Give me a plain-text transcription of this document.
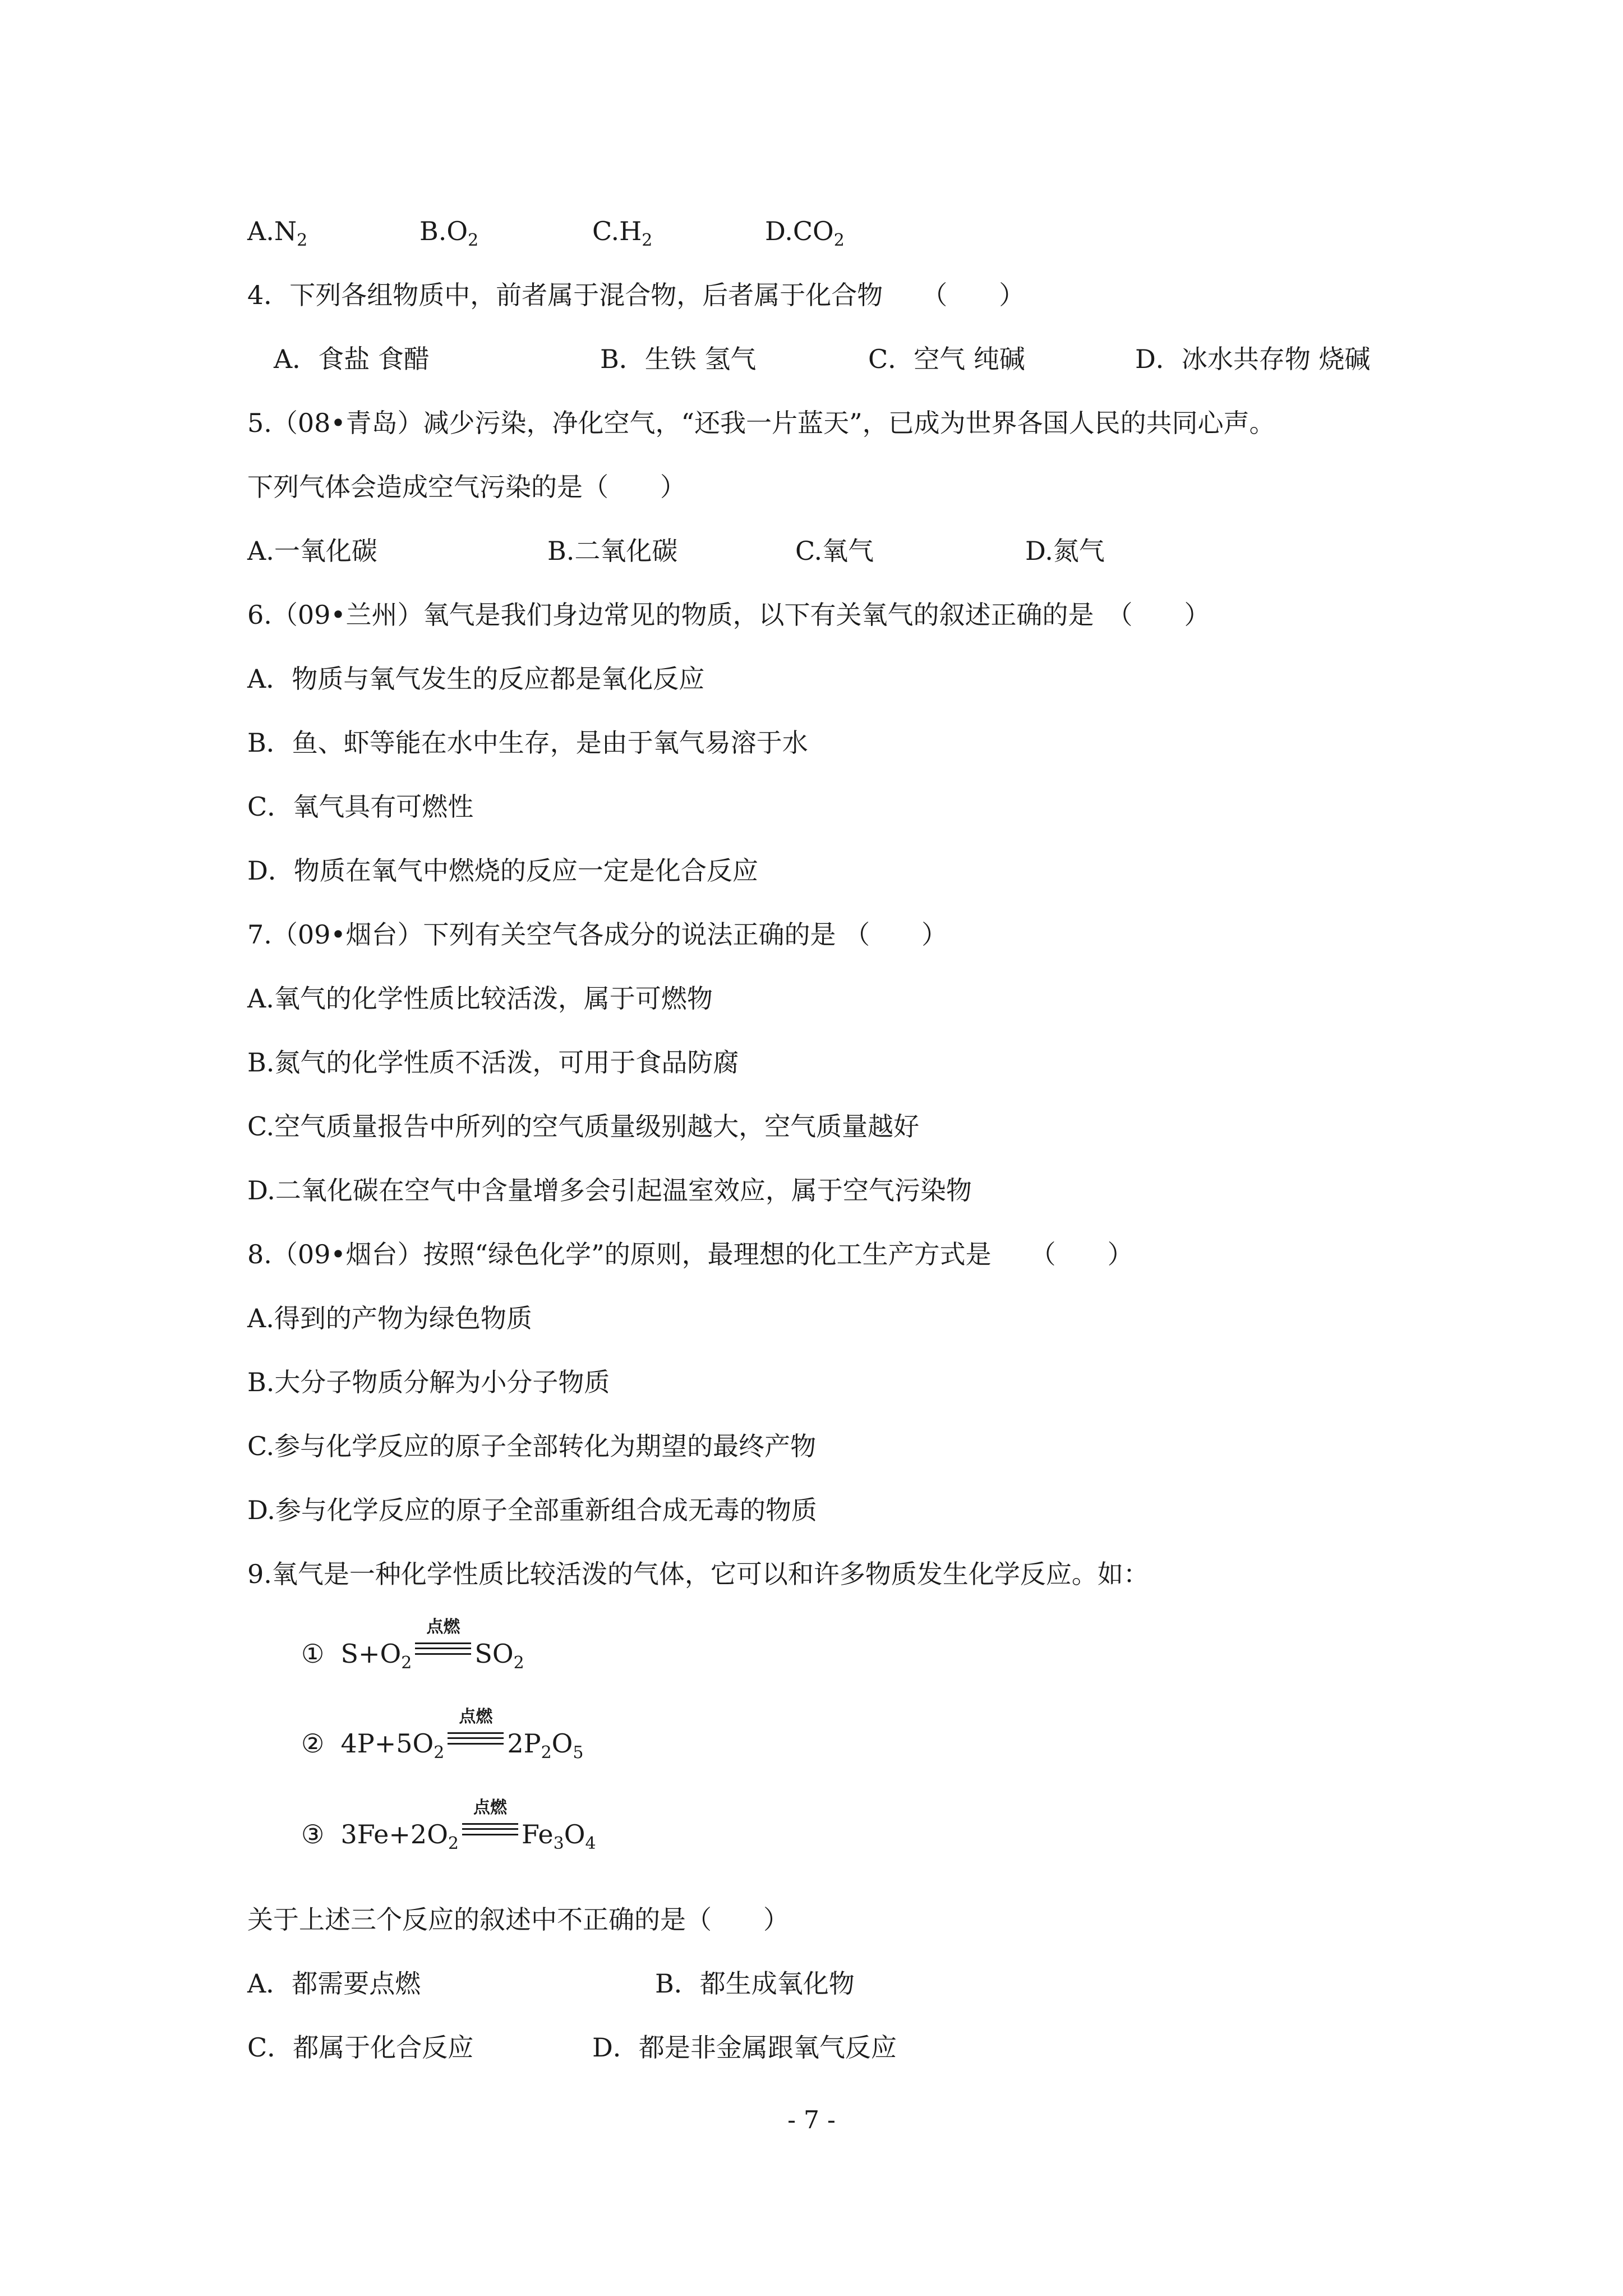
$A.N_2$	$B.O_2$	$C.H_2$	$D.CO_2$
4．下列各组物质中，前者属于混合物，后者属于化合物　　（　　）
A．食盐 食醋	B．生铁 氢气	C．空气 纯碱	D．冰水共存物 烧碱
5.（08•青岛）减少污染，净化空气，“还我一片蓝天”，已成为世界各国人民的共同心声。
下列气体会造成空气污染的是（　　）
A.一氧化碳	B.二氧化碳	C.氧气	D.氮气
6.（09•兰州）氧气是我们身边常见的物质，以下有关氧气的叙述正确的是　（　　）
A．物质与氧气发生的反应都是氧化反应
B．鱼、虾等能在水中生存，是由于氧气易溶于水
C．氧气具有可燃性
D．物质在氧气中燃烧的反应一定是化合反应
7.（09•烟台）下列有关空气各成分的说法正确的是 （　　）
A.氧气的化学性质比较活泼，属于可燃物
B.氮气的化学性质不活泼，可用于食品防腐
C.空气质量报告中所列的空气质量级别越大，空气质量越好
D.二氧化碳在空气中含量增多会引起温室效应，属于空气污染物
8.（09•烟台）按照“绿色化学”的原则，最理想的化工生产方式是　　（　　）
A.得到的产物为绿色物质
B.大分子物质分解为小分子物质
C.参与化学反应的原子全部转化为期望的最终产物
D.参与化学反应的原子全部重新组合成无毒的物质
9.氧气是一种化学性质比较活泼的气体，它可以和许多物质发生化学反应。如：
① $S+O_2$
点燃
$SO_2$
② $4P+5O_2$
点燃
$2P_2O_5$
③ $3Fe+2O_2$
点燃
$Fe_3O_4$
关于上述三个反应的叙述中不正确的是（　　）
A．都需要点燃	B．都生成氧化物
C．都属于化合反应	D．都是非金属跟氧气反应
- 7 -
